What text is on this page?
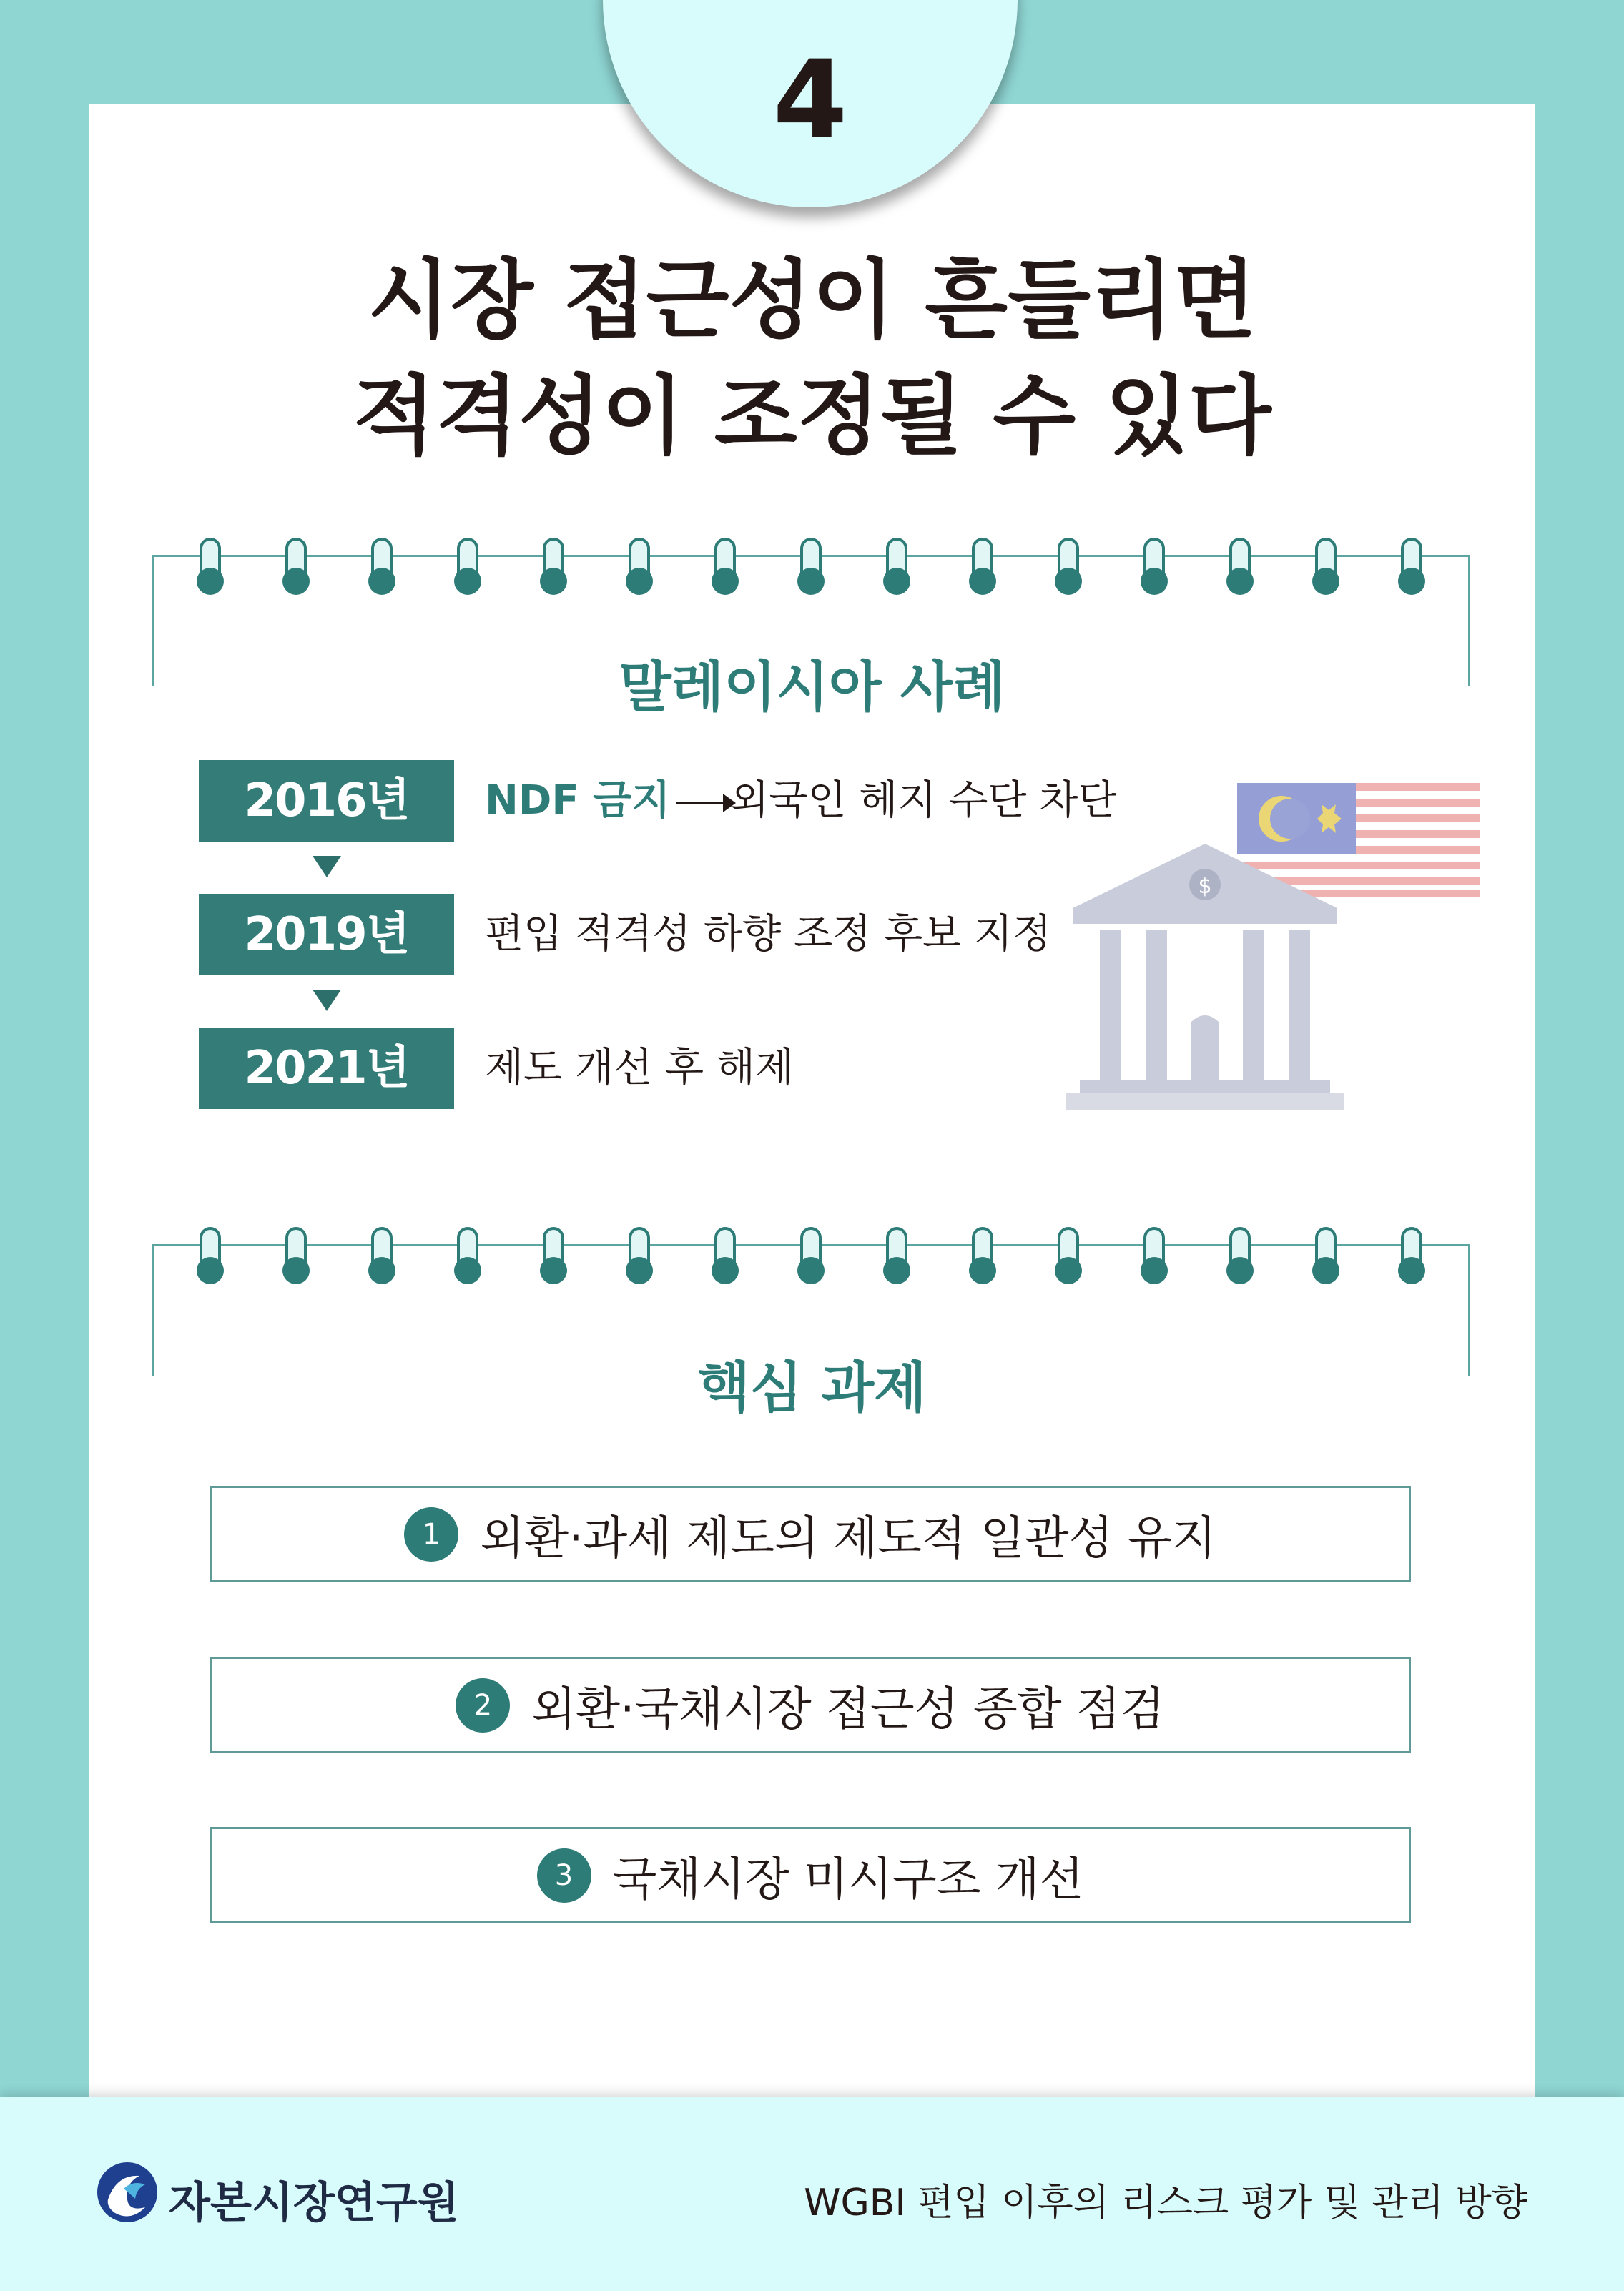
4
시장 접근성이 흔들리면
적격성이 조정될 수 있다
말레이시아 사례
2016년
2019년
2021년
NDF 금지 외국인 헤지 수단 차단
편입 적격성 하향 조정 후보 지정
제도 개선 후 해제
$
핵심 과제
1 외환·과세 제도의 제도적 일관성 유지
2 외환·국채시장 접근성 종합 점검
3 국채시장 미시구조 개선
자본시장연구원	WGBI 편입 이후의 리스크 평가 및 관리 방향
